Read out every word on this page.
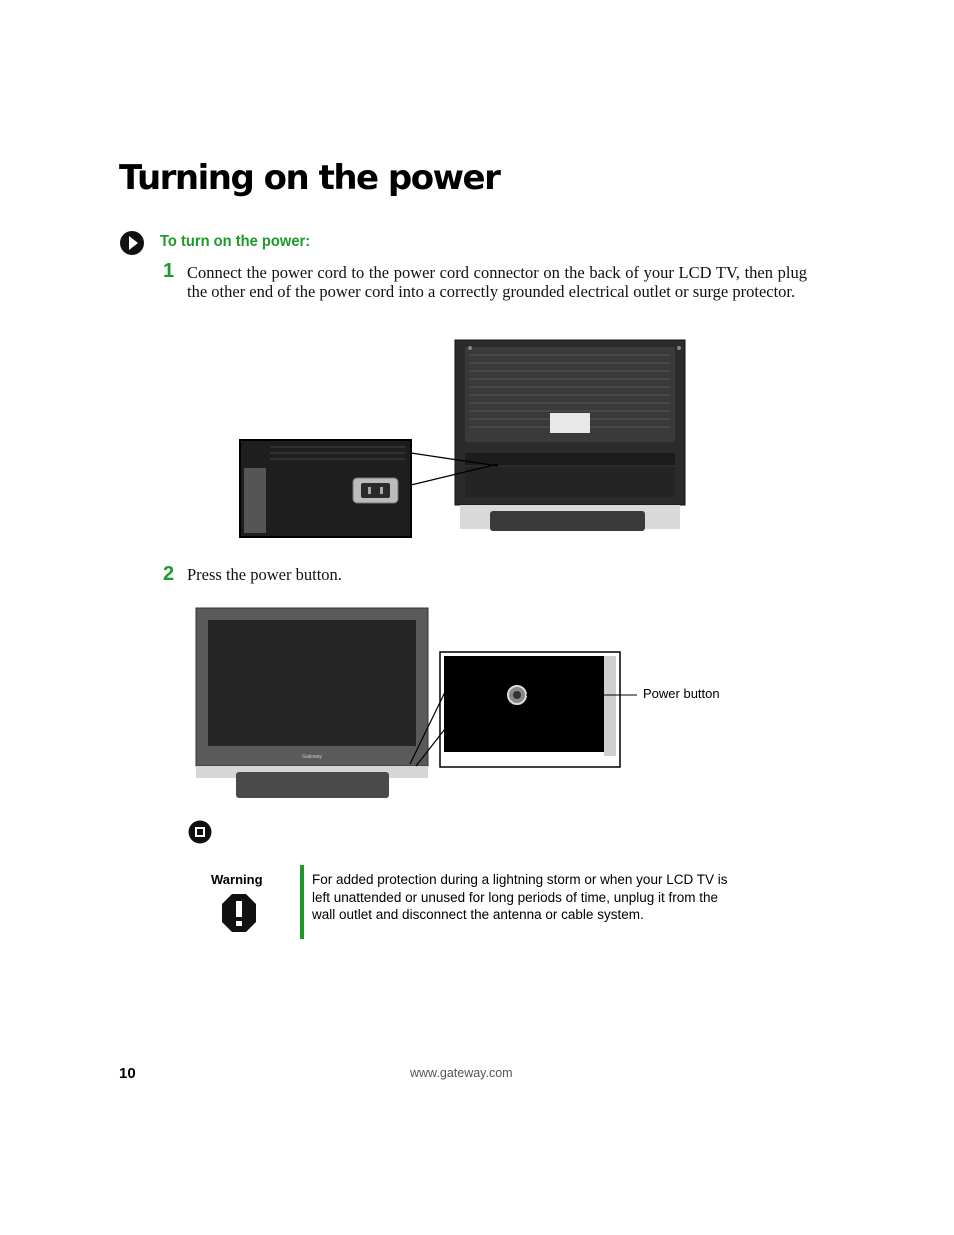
Turning on the power
To turn on the power:
1 Connect the power cord to the power cord connector on the back of your LCD TV, then plug the other end of the power cord into a correctly grounded electrical outlet or surge protector.
2 Press the power button.
Gateway
Power button
Warning	For added protection during a lightning storm or when your LCD TV is left unattended or unused for long periods of time, unplug it from the wall outlet and disconnect the antenna or cable system.
10	www.gateway.com
